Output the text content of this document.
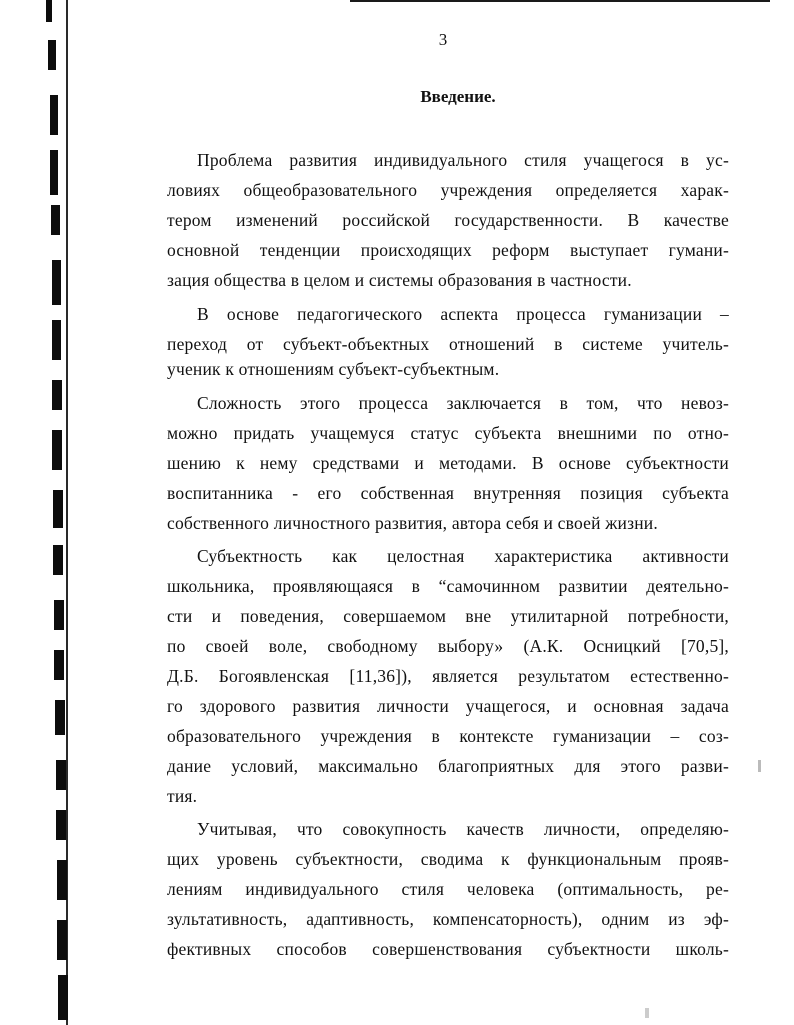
3
Введение.
Проблема развития индивидуального стиля учащегося в ус-
ловиях общеобразовательного учреждения определяется харак-
тером изменений российской государственности. В качестве
основной тенденции происходящих реформ выступает гумани-
зация общества в целом и системы образования в частности.
В основе педагогического аспекта процесса гуманизации –
переход от субъект-объектных отношений в системе учитель-
ученик к отношениям субъект-субъектным.
Сложность этого процесса заключается в том, что невоз-
можно придать учащемуся статус субъекта внешними по отно-
шению к нему средствами и методами. В основе субъектности
воспитанника - его собственная внутренняя позиция субъекта
собственного личностного развития, автора себя и своей жизни.
Субъектность как целостная характеристика активности
школьника, проявляющаяся в “самочинном развитии деятельно-
сти и поведения, совершаемом вне утилитарной потребности,
по своей воле, свободному выбору» (А.К. Осницкий [70,5],
Д.Б. Богоявленская [11,36]), является результатом естественно-
го здорового развития личности учащегося, и основная задача
образовательного учреждения в контексте гуманизации – соз-
дание условий, максимально благоприятных для этого разви-
тия.
Учитывая, что совокупность качеств личности, определяю-
щих уровень субъектности, сводима к функциональным прояв-
лениям индивидуального стиля человека (оптимальность, ре-
зультативность, адаптивность, компенсаторность), одним из эф-
фективных способов совершенствования субъектности школь-
